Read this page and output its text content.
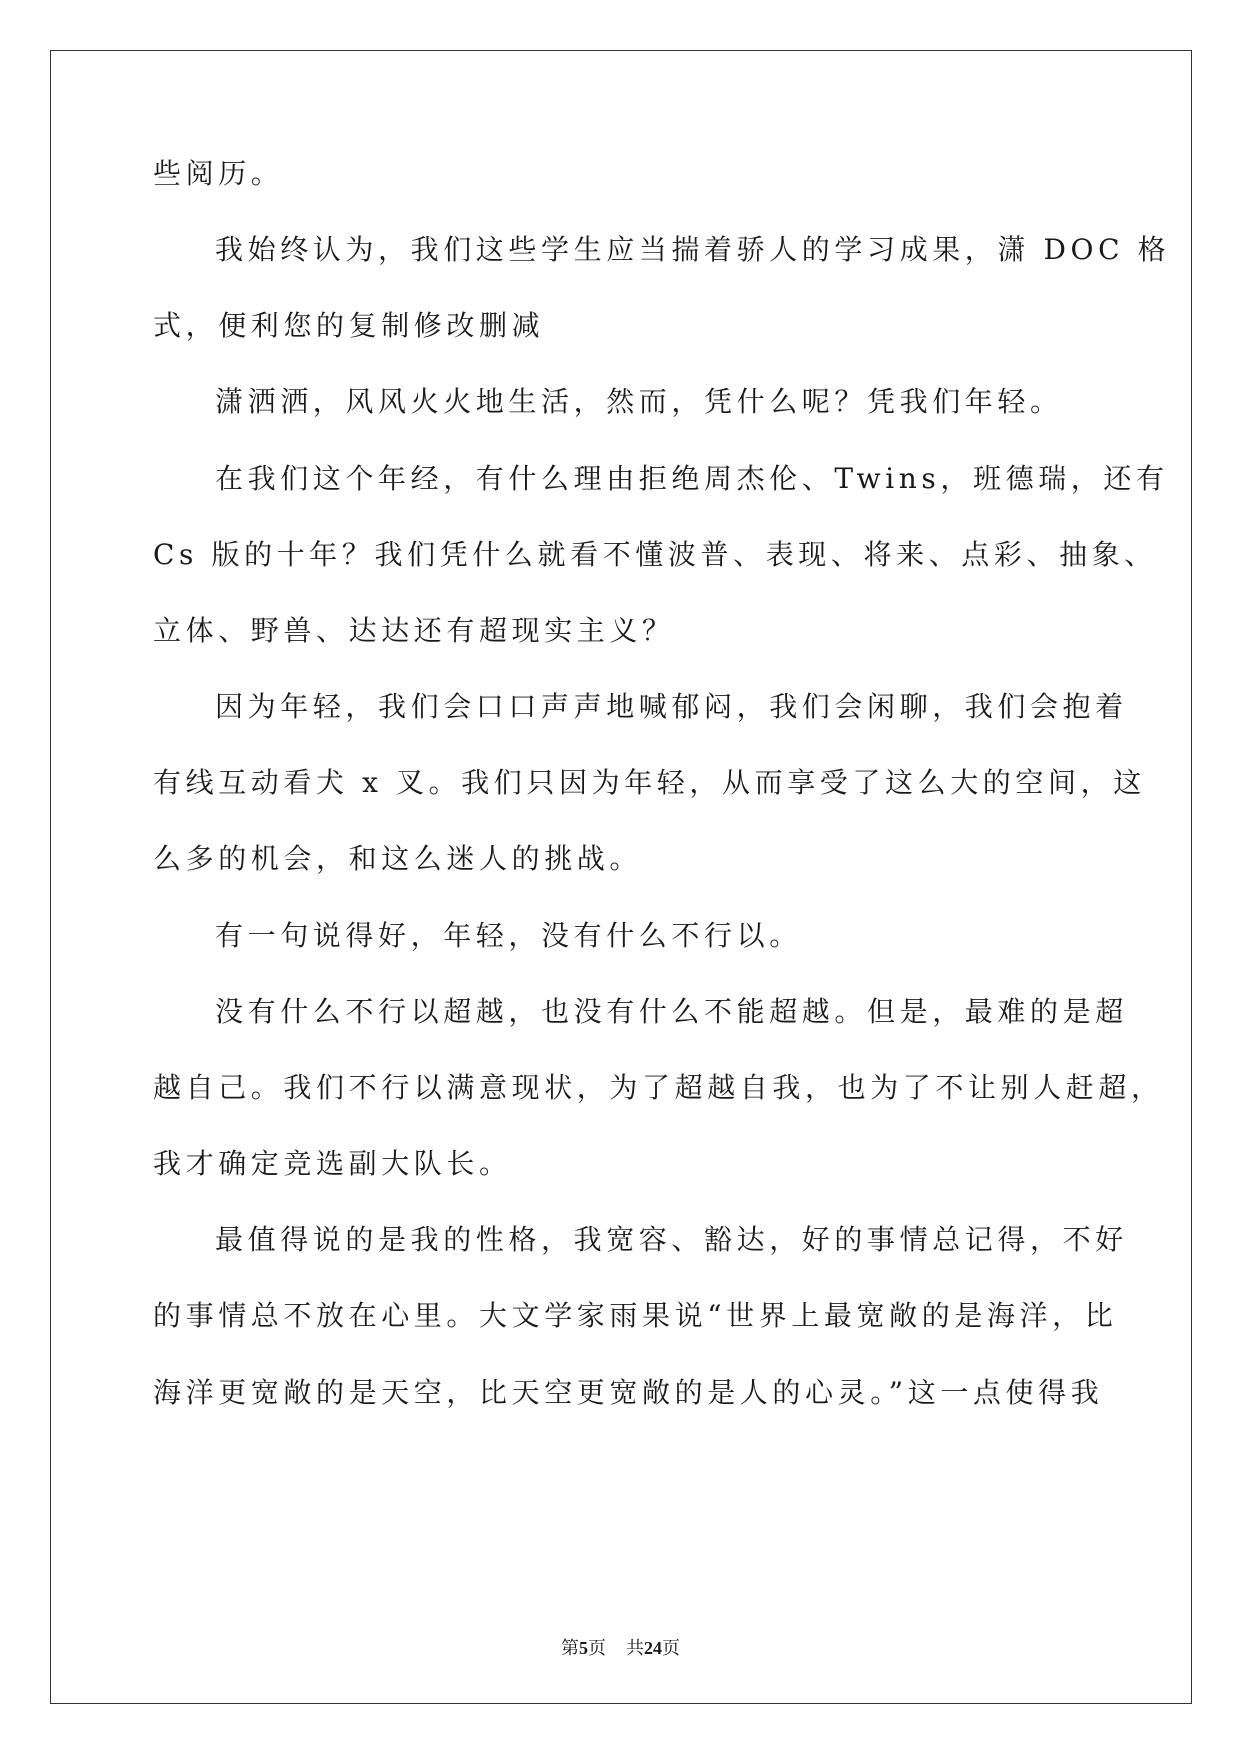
些阅历。
我始终认为，我们这些学生应当揣着骄人的学习成果，潇 DOC 格
式，便利您的复制修改删减
潇洒洒，风风火火地生活，然而，凭什么呢？凭我们年轻。
在我们这个年经，有什么理由拒绝周杰伦、Twins，班德瑞，还有
Cs 版的十年？我们凭什么就看不懂波普、表现、将来、点彩、抽象、
立体、野兽、达达还有超现实主义？
因为年轻，我们会口口声声地喊郁闷，我们会闲聊，我们会抱着
有线互动看犬 x 叉。我们只因为年轻，从而享受了这么大的空间，这
么多的机会，和这么迷人的挑战。
有一句说得好，年轻，没有什么不行以。
没有什么不行以超越，也没有什么不能超越。但是，最难的是超
越自己。我们不行以满意现状，为了超越自我，也为了不让别人赶超，
我才确定竞选副大队长。
最值得说的是我的性格，我宽容、豁达，好的事情总记得，不好
的事情总不放在心里。大文学家雨果说“世界上最宽敞的是海洋，比
海洋更宽敞的是天空，比天空更宽敞的是人的心灵。”这一点使得我
第5页 共24页
